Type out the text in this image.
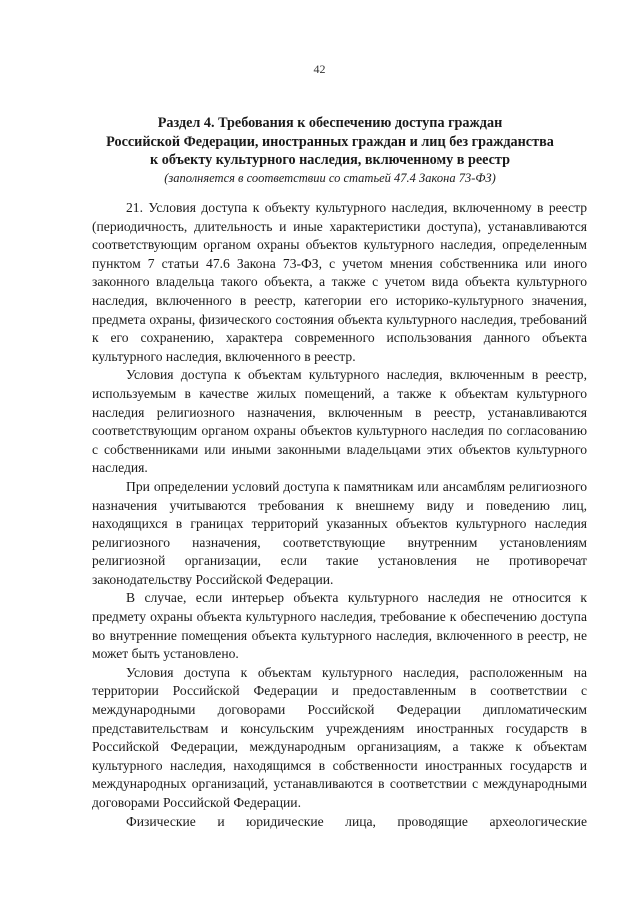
42
Раздел 4. Требования к обеспечению доступа граждан
Российской Федерации, иностранных граждан и лиц без гражданства
к объекту культурного наследия, включенному в реестр
(заполняется в соответствии со статьей 47.4 Закона 73-ФЗ)

21. Условия доступа к объекту культурного наследия, включенному в реестр (периодичность, длительность и иные характеристики доступа), устанавливаются соответствующим органом охраны объектов культурного наследия, определенным пунктом 7 статьи 47.6 Закона 73-ФЗ, с учетом мнения собственника или иного законного владельца такого объекта, а также с учетом вида объекта культурного наследия, включенного в реестр, категории его историко-культурного значения, предмета охраны, физического состояния объекта культурного наследия, требований к его сохранению, характера современного использования данного объекта культурного наследия, включенного в реестр.

Условия доступа к объектам культурного наследия, включенным в реестр, используемым в качестве жилых помещений, а также к объектам культурного наследия религиозного назначения, включенным в реестр, устанавливаются соответствующим органом охраны объектов культурного наследия по согласованию с собственниками или иными законными владельцами этих объектов культурного наследия.

При определении условий доступа к памятникам или ансамблям религиозного назначения учитываются требования к внешнему виду и поведению лиц, находящихся в границах территорий указанных объектов культурного наследия религиозного назначения, соответствующие внутренним установлениям религиозной организации, если такие установления не противоречат законодательству Российской Федерации.

В случае, если интерьер объекта культурного наследия не относится к предмету охраны объекта культурного наследия, требование к обеспечению доступа во внутренние помещения объекта культурного наследия, включенного в реестр, не может быть установлено.

Условия доступа к объектам культурного наследия, расположенным на территории Российской Федерации и предоставленным в соответствии с международными договорами Российской Федерации дипломатическим представительствам и консульским учреждениям иностранных государств в Российской Федерации, международным организациям, а также к объектам культурного наследия, находящимся в собственности иностранных государств и международных организаций, устанавливаются в соответствии с международными договорами Российской Федерации.

Физические и юридические лица, проводящие археологические
